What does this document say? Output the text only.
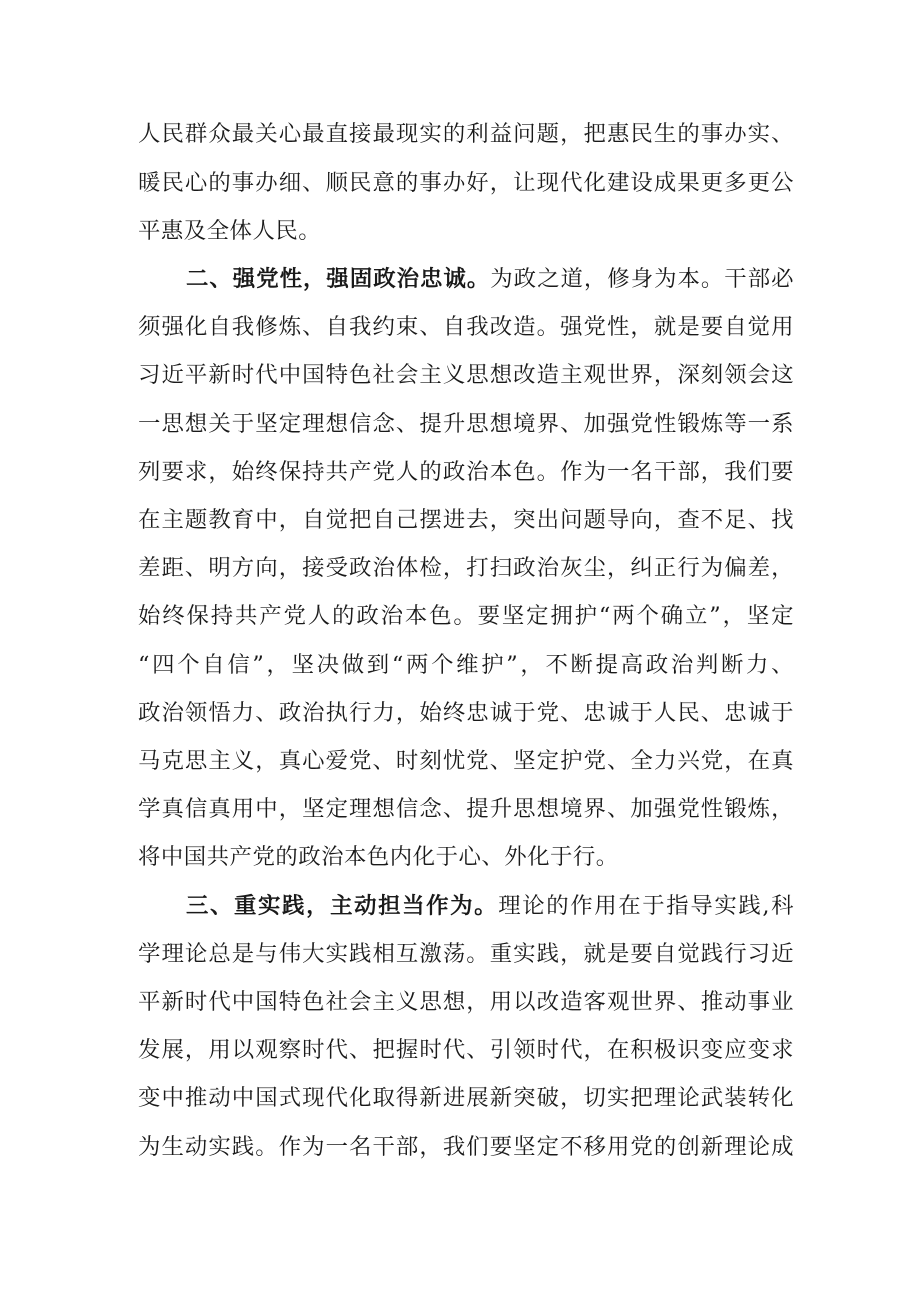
人民群众最关心最直接最现实的利益问题，把惠民生的事办实、
暖民心的事办细、顺民意的事办好，让现代化建设成果更多更公
平惠及全体人民。
二、强党性，强固政治忠诚。为政之道，修身为本。干部必
须强化自我修炼、自我约束、自我改造。强党性，就是要自觉用
习近平新时代中国特色社会主义思想改造主观世界，深刻领会这
一思想关于坚定理想信念、提升思想境界、加强党性锻炼等一系
列要求，始终保持共产党人的政治本色。作为一名干部，我们要
在主题教育中，自觉把自己摆进去，突出问题导向，查不足、找
差距、明方向，接受政治体检，打扫政治灰尘，纠正行为偏差，
始终保持共产党人的政治本色。要坚定拥护“两个确立”，坚定
“四个自信”，坚决做到“两个维护”，不断提高政治判断力、
政治领悟力、政治执行力，始终忠诚于党、忠诚于人民、忠诚于
马克思主义，真心爱党、时刻忧党、坚定护党、全力兴党，在真
学真信真用中，坚定理想信念、提升思想境界、加强党性锻炼，
将中国共产党的政治本色内化于心、外化于行。
三、重实践，主动担当作为。理论的作用在于指导实践,科
学理论总是与伟大实践相互激荡。重实践，就是要自觉践行习近
平新时代中国特色社会主义思想，用以改造客观世界、推动事业
发展，用以观察时代、把握时代、引领时代，在积极识变应变求
变中推动中国式现代化取得新进展新突破，切实把理论武装转化
为生动实践。作为一名干部，我们要坚定不移用党的创新理论成
